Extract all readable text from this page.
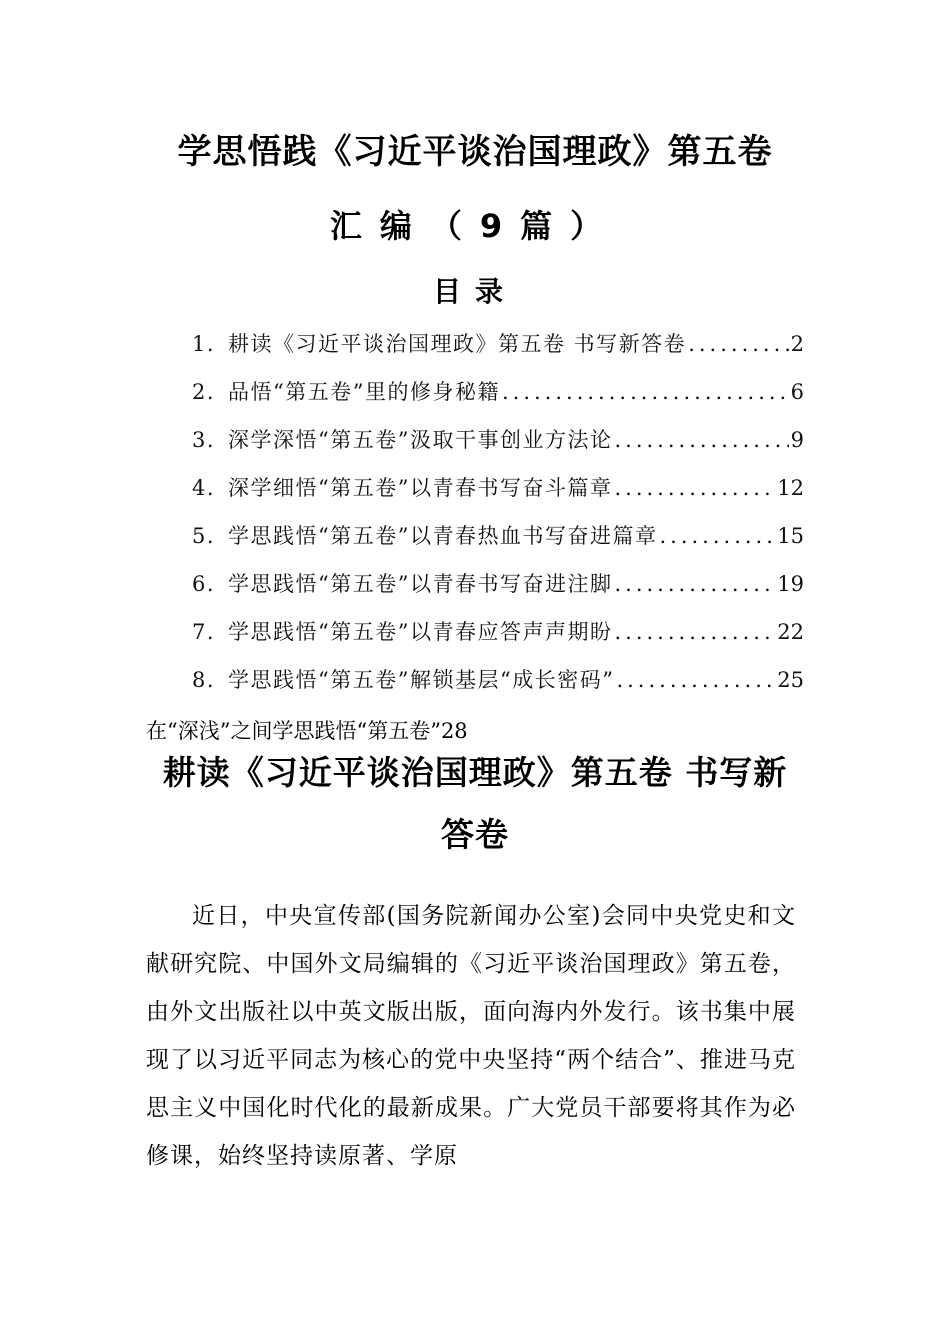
学思悟践《习近平谈治国理政》第五卷
汇编（9篇）
目录
1. 耕读《习近平谈治国理政》第五卷 书写新答卷 .....	2
2. 品悟“第五卷”里的修身秘籍 .....	6
3. 深学深悟“第五卷”汲取干事创业方法论 .....	9
4. 深学细悟“第五卷”以青春书写奋斗篇章 .....	12
5. 学思践悟“第五卷”以青春热血书写奋进篇章 .....	15
6. 学思践悟“第五卷”以青春书写奋进注脚 .....	19
7. 学思践悟“第五卷”以青春应答声声期盼 .....	22
8. 学思践悟“第五卷”解锁基层“成长密码” .....	25
在“深浅”之间学思践悟“第五卷”28
耕读《习近平谈治国理政》第五卷 书写新答卷
近日，中央宣传部(国务院新闻办公室)会同中央党史和文献研究院、中国外文局编辑的《习近平谈治国理政》第五卷，由外文出版社以中英文版出版，面向海内外发行。该书集中展现了以习近平同志为核心的党中央坚持“两个结合”、推进马克思主义中国化时代化的最新成果。广大党员干部要将其作为必修课，始终坚持读原著、学原
